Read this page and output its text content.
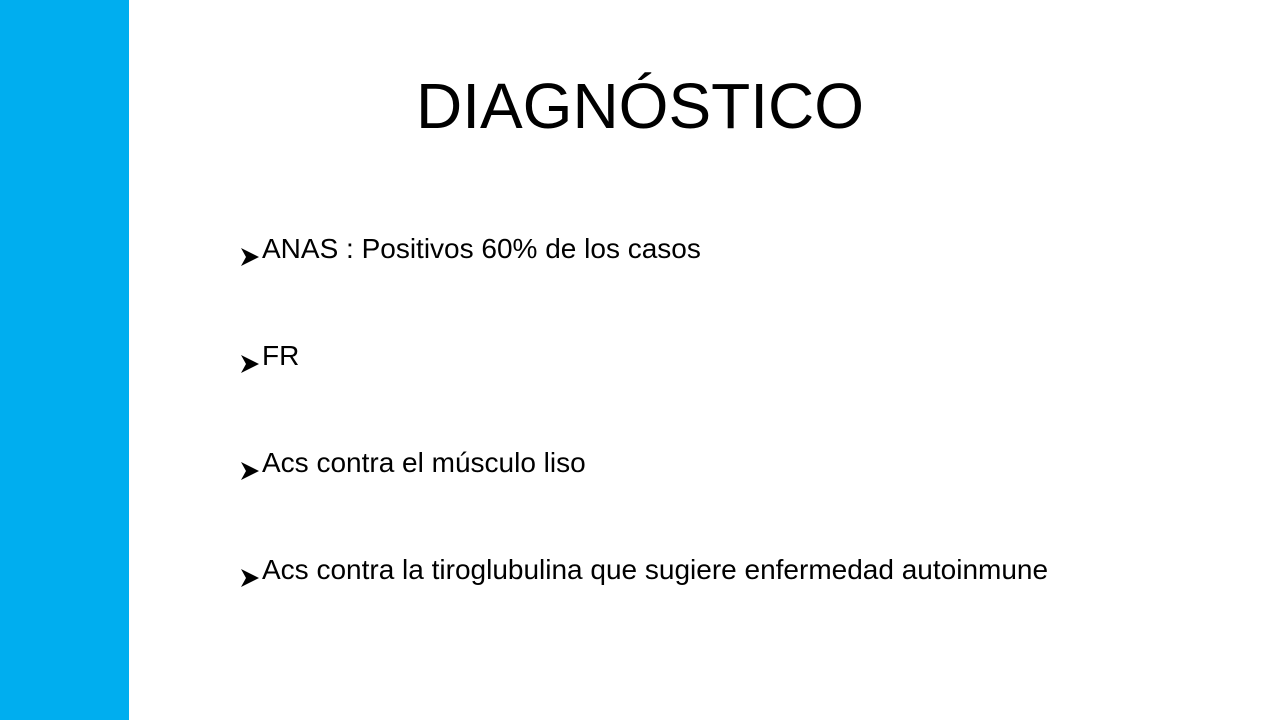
DIAGNÓSTICO
ANAS : Positivos 60% de los casos
FR
Acs contra el músculo liso
Acs contra la tiroglubulina que sugiere enfermedad autoinmune
